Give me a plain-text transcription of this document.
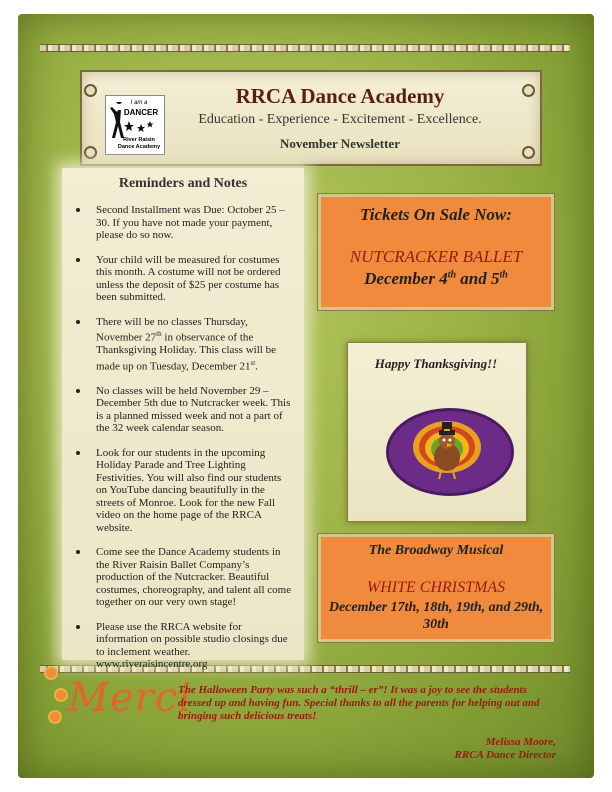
I am a
DANCER
River Raisin
Dance Academy
RRCA Dance Academy
Education - Experience - Excitement - Excellence.
November Newsletter
Second Installment was Due: October 25 – 30. If you have not made your payment, please do so now.
Your child will be measured for costumes this month. A costume will not be ordered unless the deposit of $25 per costume has been submitted.
There will be no classes Thursday, November 27th in observance of the Thanksgiving Holiday. This class will be made up on Tuesday, December 21st.
No classes will be held November 29 – December 5th due to Nutcracker week. This is a planned missed week and not a part of the 32 week calendar season.
Look for our students in the upcoming Holiday Parade and Tree Lighting Festivities. You will also find our students on YouTube dancing beautifully in the streets of Monroe. Look for the new Fall video on the home page of the RRCA website.
Come see the Dance Academy students in the River Raisin Ballet Company’s production of the Nutcracker. Beautiful costumes, choreography, and talent all come together on our very own stage!
Please use the RRCA website for information on possible studio closings due to inclement weather. www.riveraisincentre.org
Reminders and Notes
Tickets On Sale Now:
NUTCRACKER BALLET
December 4th and 5th
Happy Thanksgiving!!
The Broadway Musical
WHITE CHRISTMAS
December 17th, 18th, 19th, and 29th, 30th
Merci
The Halloween Party was such a “thrill – er”! It was a joy to see the students dressed up and having fun. Special thanks to all the parents for helping out and bringing such delicious treats!
Melissa Moore,
RRCA Dance Director
